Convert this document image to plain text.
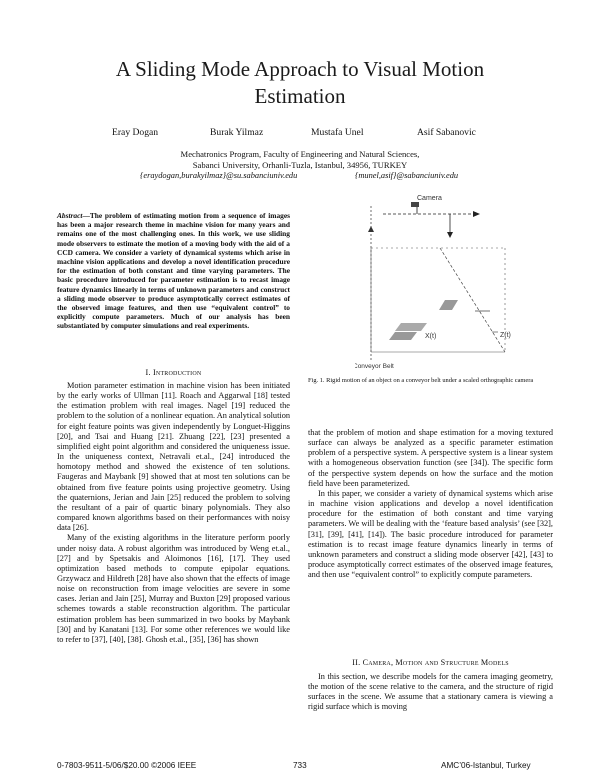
A Sliding Mode Approach to Visual Motion
Estimation
Eray Dogan	Burak Yilmaz	Mustafa Unel	Asif Sabanovic
Mechatronics Program, Faculty of Engineering and Natural Sciences,
Sabanci University, Orhanli-Tuzla, Istanbul, 34956, TURKEY
{eraydogan,burakyilmaz}@su.sabanciuniv.edu	{munel,asif}@sabanciuniv.edu
Abstract—The problem of estimating motion from a sequence of images has been a major research theme in machine vision for many years and remains one of the most challenging ones. In this work, we use sliding mode observers to estimate the motion of a moving body with the aid of a CCD camera. We consider a variety of dynamical systems which arise in machine vision applications and develop a novel identification procedure for the estimation of both constant and time varying parameters. The basic procedure introduced for parameter estimation is to recast image feature dynamics linearly in terms of unknown parameters and construct a sliding mode observer to produce asymptotically correct estimates of the observed image features, and then use “equivalent control” to explicitly compute parameters. Much of our analysis has been substantiated by computer simulations and real experiments.
I. Introduction

Motion parameter estimation in machine vision has been initiated by the early works of Ullman [11]. Roach and Aggarwal [18] tested the estimation problem with real images. Nagel [19] reduced the problem to the solution of a nonlinear equation. An analytical solution for eight feature points was given independently by Longuet-Higgins [20], and Tsai and Huang [21]. Zhuang [22], [23] presented a simplified eight point algorithm and considered the uniqueness issue. In the uniqueness context, Netravali et.al., [24] introduced the homotopy method and showed the existence of ten solutions. Faugeras and Maybank [9] showed that at most ten solutions can be obtained from five feature points using projective geometry. Using the quaternions, Jerian and Jain [25] reduced the problem to solving the resultant of a pair of quartic binary polynomials. They also compared known algorithms based on their performances with noisy data [26].

Many of the existing algorithms in the literature perform poorly under noisy data. A robust algorithm was introduced by Weng et.al., [27] and by Spetsakis and Aloimonos [16], [17]. They used optimization based methods to compute epipolar equations. Grzywacz and Hildreth [28] have also shown that the effects of image noise on reconstruction from image velocities are severe in some cases. Jerian and Jain [25], Murray and Buxton [29] proposed various schemes towards a stable reconstruction algorithm. The particular estimation problem has been summarized in two books by Maybank [30] and by Kanatani [13]. For some other references we would like to refer to [37], [40], [38]. Ghosh et.al., [35], [36] has shown

Camera
X(t)	Z(t)
Conveyor Belt
Fig. 1. Rigid motion of an object on a conveyor belt under a scaled orthographic camera

that the problem of motion and shape estimation for a moving textured surface can always be analyzed as a specific parameter estimation problem of a perspective system. A perspective system is a linear system with a homogeneous observation function (see [34]). The specific form of the perspective system depends on how the surface and the motion field have been parameterized.

In this paper, we consider a variety of dynamical systems which arise in machine vision applications and develop a novel identification procedure for the estimation of both constant and time varying parameters. We will be dealing with the ‘feature based analysis’ (see [32], [31], [39], [41], [14]). The basic procedure introduced for parameter estimation is to recast image feature dynamics linearly in terms of unknown parameters and construct a sliding mode observer [42], [43] to produce asymptotically correct estimates of the observed image features, and then use “equivalent control” to explicitly compute parameters.

II. Camera, Motion and Structure Models

In this section, we describe models for the camera imaging geometry, the motion of the scene relative to the camera, and the structure of rigid surfaces in the scene. We assume that a stationary camera is viewing a rigid surface which is moving

0-7803-9511-5/06/$20.00 ©2006 IEEE	733	AMC’06-Istanbul, Turkey
